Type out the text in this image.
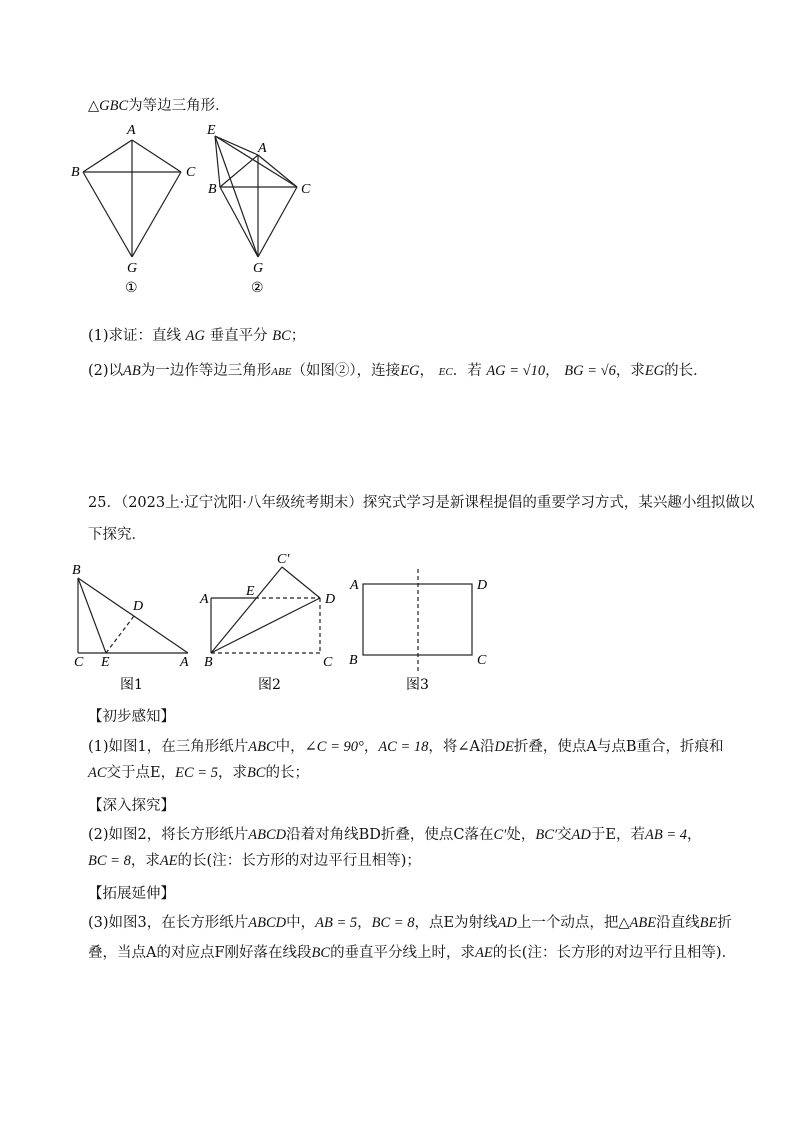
△GBC为等边三角形．
A
B	C
G
①
E
A
B	C
G
②
(1)求证：直线 AG 垂直平分 BC；
(2)以AB为一边作等边三角形ABE（如图②），连接EG， EC．若 AG = √10， BG = √6，求EG的长．
25．（2023上·辽宁沈阳·八年级统考期末）探究式学习是新课程提倡的重要学习方式，某兴趣小组拟做以
下探究．
B
D
C E	A
图1
C′
A
E
D
B	C
图2
A	D
B	C
图3
【初步感知】
(1)如图1，在三角形纸片ABC中，∠C = 90°，AC = 18，将∠A沿DE折叠，使点A与点B重合，折痕和
AC交于点E，EC = 5，求BC的长；
【深入探究】
(2)如图2，将长方形纸片ABCD沿着对角线BD折叠，使点C落在C′处，BC′交AD于E，若AB = 4，
BC = 8，求AE的长(注：长方形的对边平行且相等)；
【拓展延伸】
(3)如图3，在长方形纸片ABCD中，AB = 5，BC = 8，点E为射线AD上一个动点，把△ABE沿直线BE折
叠，当点A的对应点F刚好落在线段BC的垂直平分线上时，求AE的长(注：长方形的对边平行且相等)．
